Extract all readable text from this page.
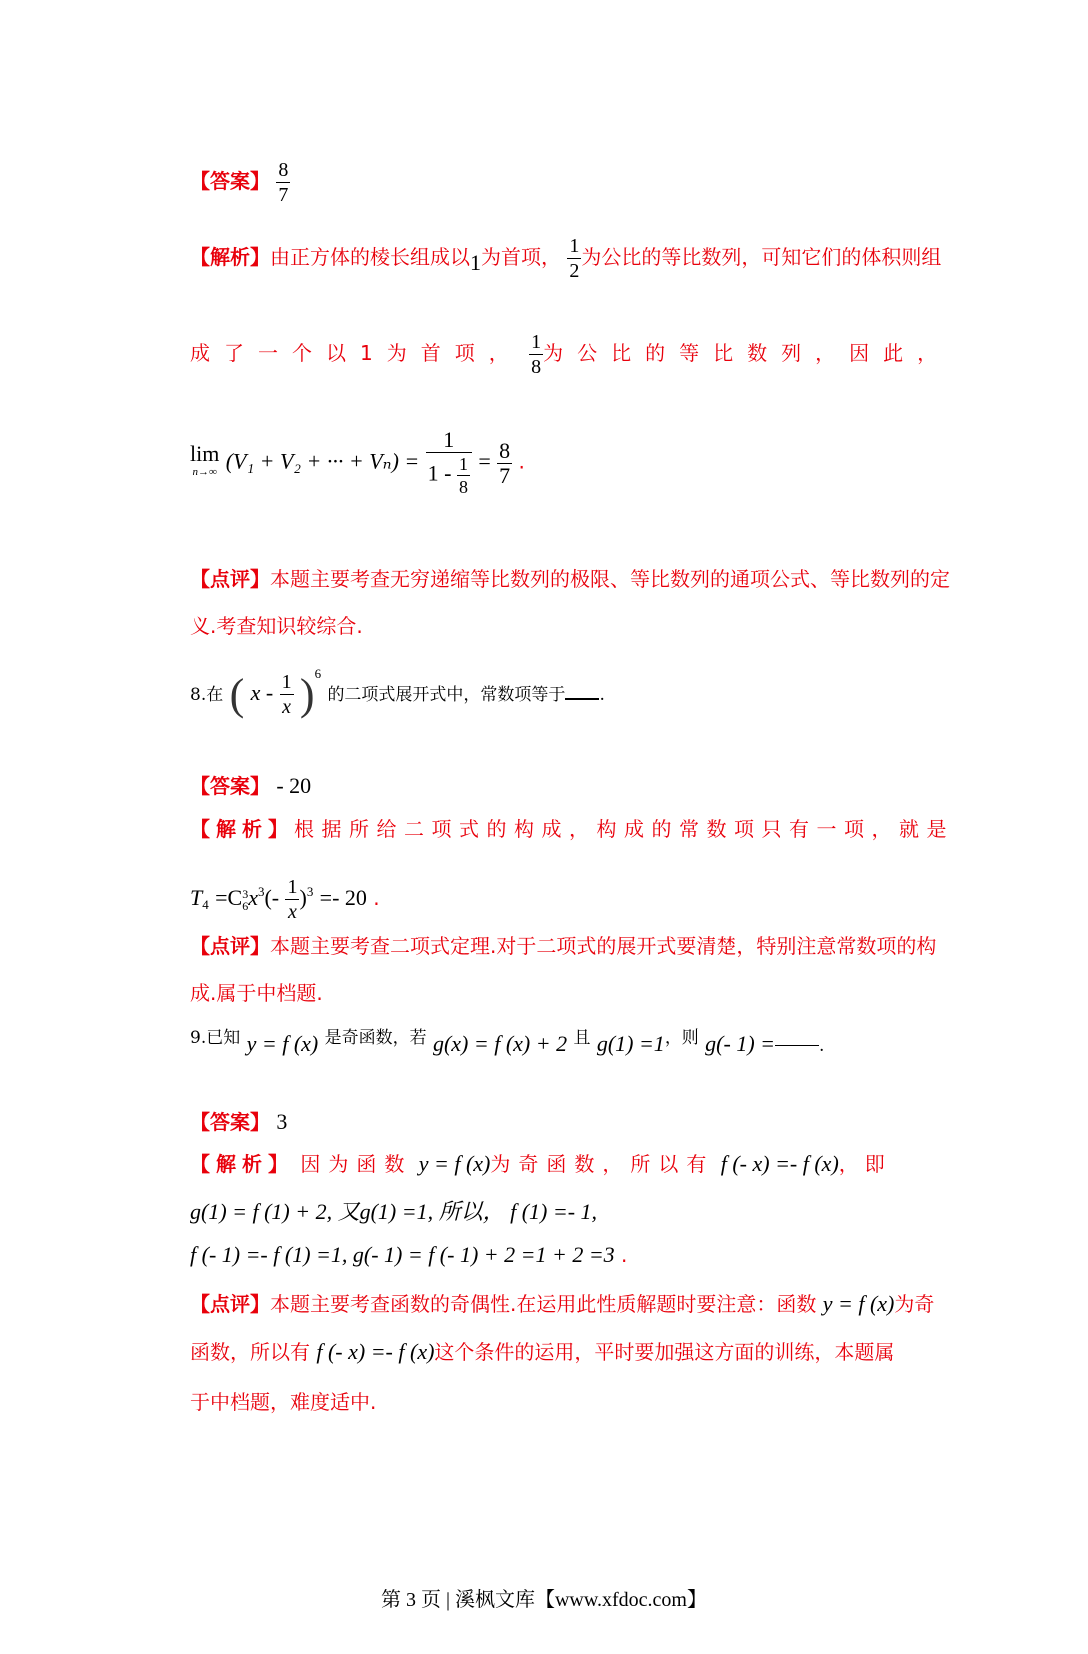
【答案】 $\frac{8}{7}$
【解析】由正方体的棱长组成以1为首项， $\frac{1}{2}$ 为公比的等比数列，可知它们的体积则组
成了一个以1为首项， $\frac{1}{8}$ 为公比的等比数列，因此，
lim
n→∞ (V₁ + V₂ + ··· + $V_n) = \frac{1}{1 - \frac{1}{8}} = \frac{8}{7}$ .
【点评】本题主要考查无穷递缩等比数列的极限、等比数列的通项公式、等比数列的定
义.考查知识较综合.
8.在 ( x - $\frac{1}{x} )^6$ 的二项式展开式中，常数项等于 .
【答案】 - 20
【解析】根据所给二项式的构成，构成的常数项只有一项，就是
$T_4 =C$ 3
6 $x^3(- \frac{1}{x} )^3 =- 20$ .
【点评】本题主要考查二项式定理.对于二项式的展开式要清楚，特别注意常数项的构
成.属于中档题.
$^{9.已知}$ y = f (x) $^{是奇函数,若}$ g(x) = f (x) + 2 $^且$ $g(1) =1^{,则}$ g(- 1) =	.
【答案】 3
【解析】 因为函数 y = f (x)为奇函数，所以有 f (- x) =- f (x)，即
g(1) = f (1) + 2, 又g(1) =1, 所以， f (1) =- 1,
f (- 1) =- f (1) =1, g(- 1) = f (- 1) + 2 =1 + 2 =3 .
【点评】本题主要考查函数的奇偶性.在运用此性质解题时要注意：函数 y = f (x)为奇
函数，所以有 f (- x) =- f (x)这个条件的运用，平时要加强这方面的训练，本题属
于中档题，难度适中.
第 3 页 | 溪枫文库【www.xfdoc.com】
